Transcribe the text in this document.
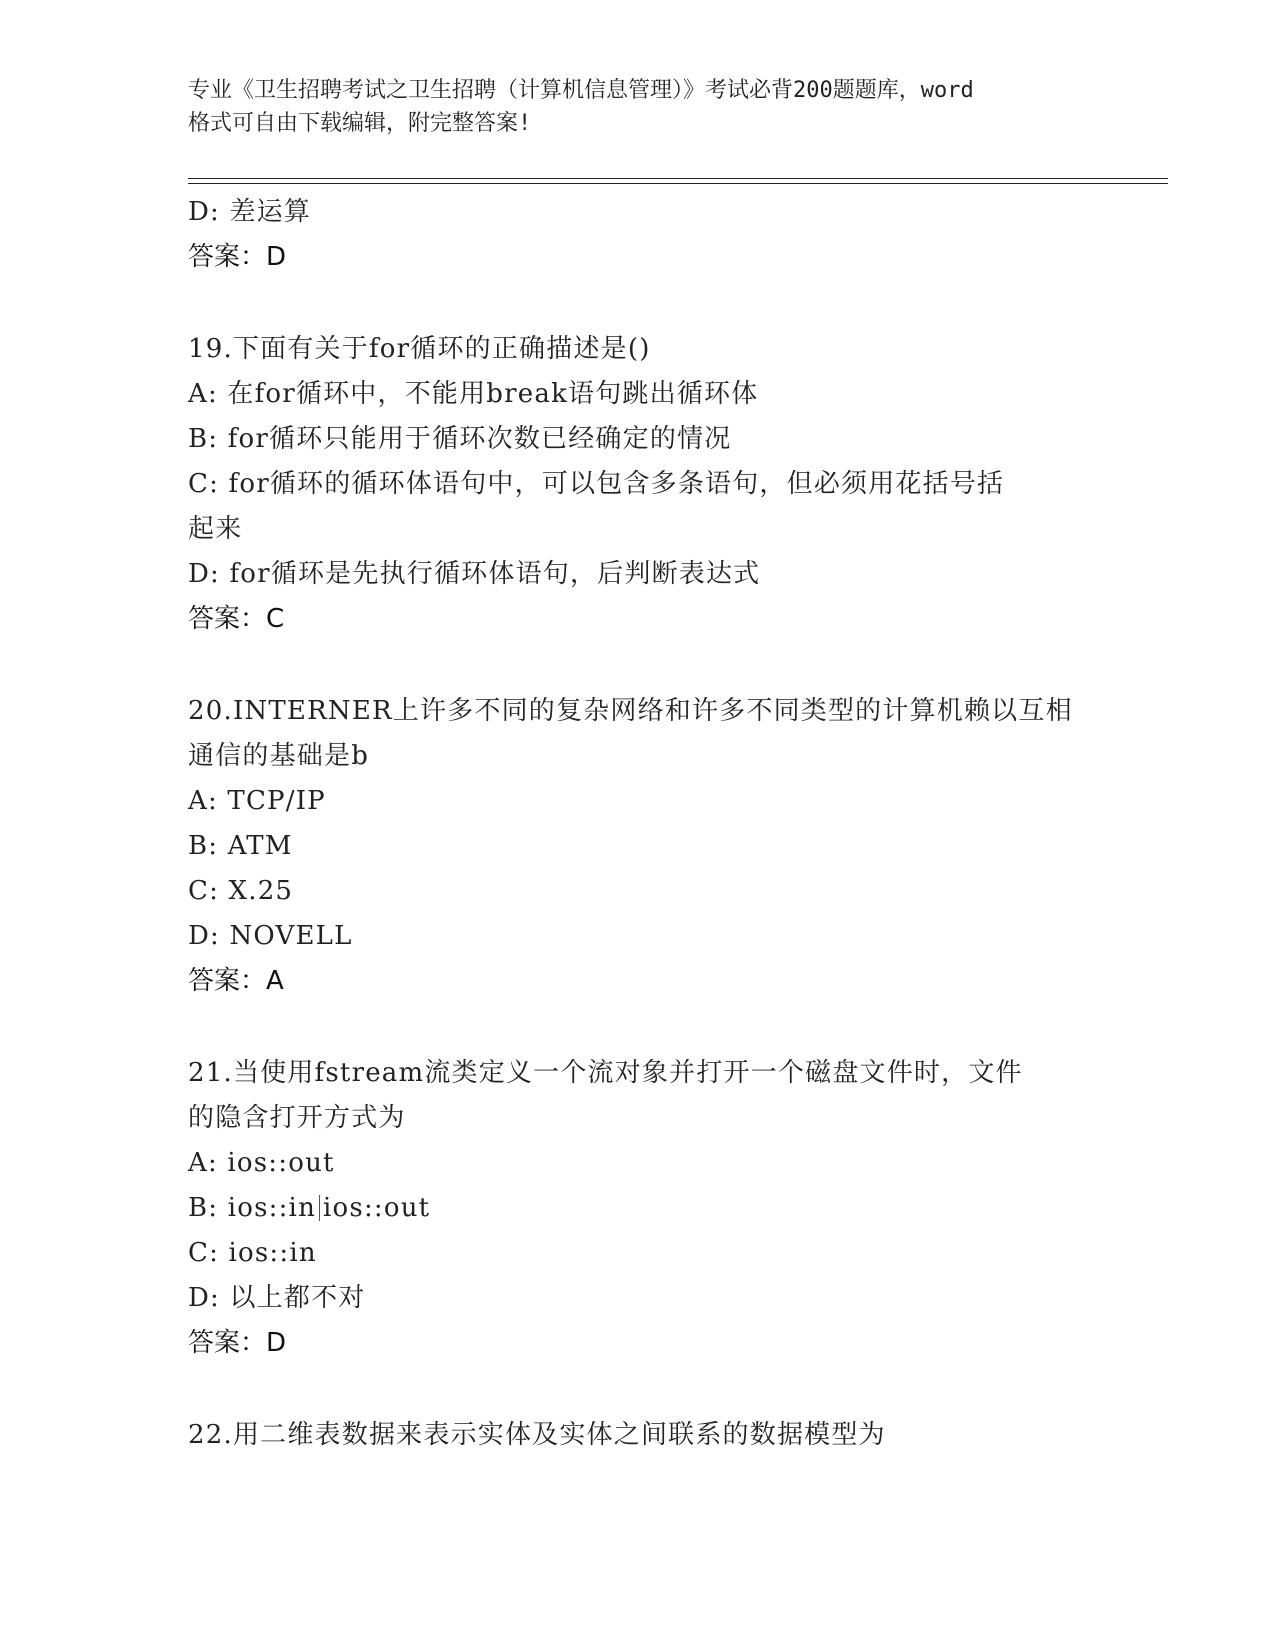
专业《卫生招聘考试之卫生招聘（计算机信息管理）》考试必背200题题库，word
格式可自由下载编辑，附完整答案!
D: 差运算
答案：D
19.下面有关于for循环的正确描述是()
A: 在for循环中，不能用break语句跳出循环体
B: for循环只能用于循环次数已经确定的情况
C: for循环的循环体语句中，可以包含多条语句，但必须用花括号括
起来
D: for循环是先执行循环体语句，后判断表达式
答案：C
20.INTERNER上许多不同的复杂网络和许多不同类型的计算机赖以互相
通信的基础是b
A: TCP/IP
B: ATM
C: X.25
D: NOVELL
答案：A
21.当使用fstream流类定义一个流对象并打开一个磁盘文件时，文件
的隐含打开方式为
A: ios::out
B: ios::in ios::out
C: ios::in
D: 以上都不对
答案：D
22.用二维表数据来表示实体及实体之间联系的数据模型为
